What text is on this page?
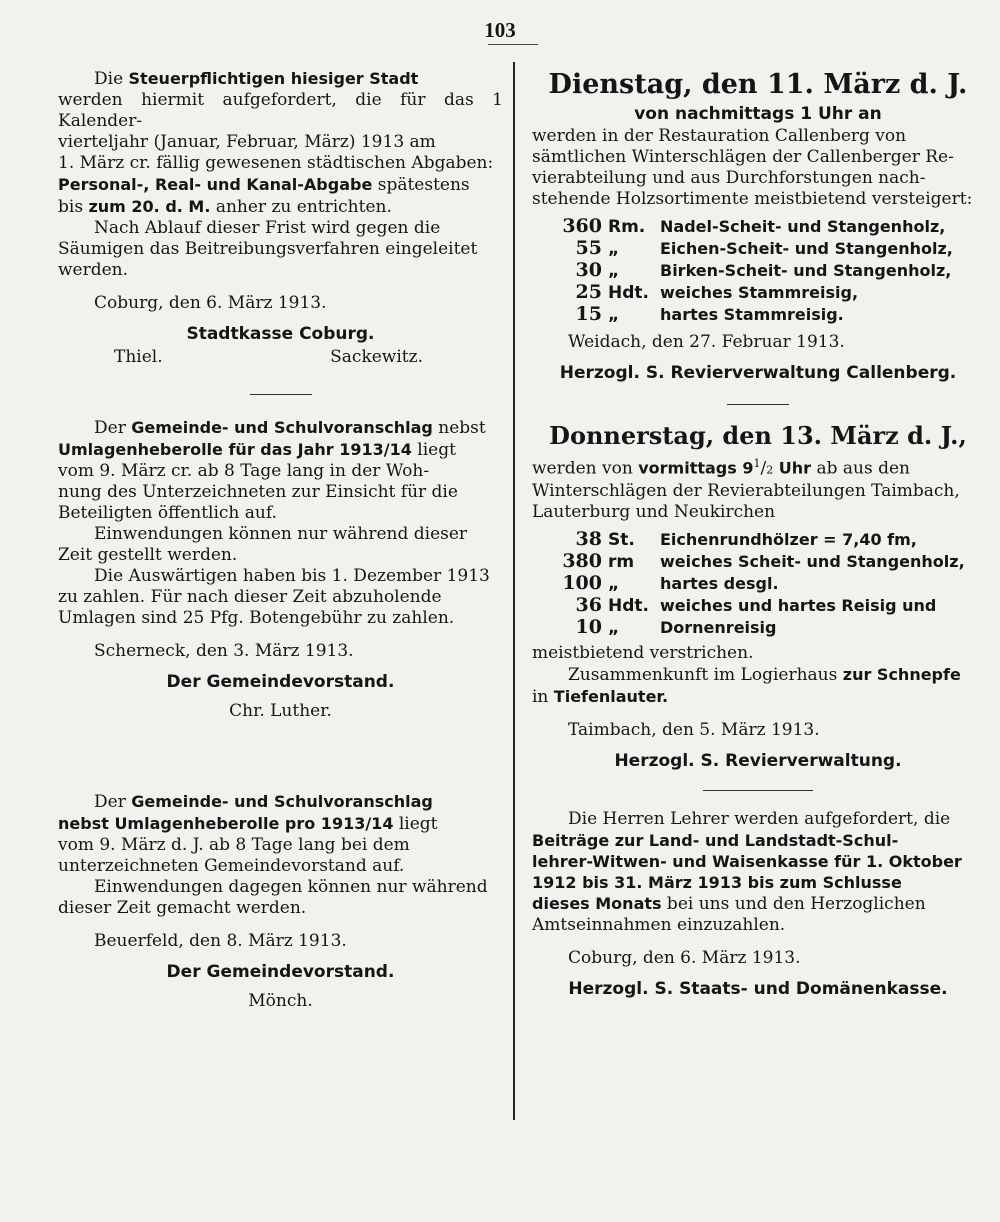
103

Die Steuerpflichtigen hiesiger Stadt

werden hiermit aufgefordert, die für das 1 Kalender-

vierteljahr (Januar, Februar, März) 1913 am

1. März cr. fällig gewesenen städtischen Abgaben:

Personal-, Real- und Kanal-Abgabe spätestens

bis zum 20. d. M. anher zu entrichten.

Nach Ablauf dieser Frist wird gegen die

Säumigen das Beitreibungsverfahren eingeleitet

werden.

Coburg, den 6. März 1913.

Stadtkasse Coburg.

Thiel.	Sackewitz.

Der Gemeinde- und Schulvoranschlag nebst

Umlagenheberolle für das Jahr 1913/14 liegt

vom 9. März cr. ab 8 Tage lang in der Woh-

nung des Unterzeichneten zur Einsicht für die

Beteiligten öffentlich auf.

Einwendungen können nur während dieser

Zeit gestellt werden.

Die Auswärtigen haben bis 1. Dezember 1913

zu zahlen. Für nach dieser Zeit abzuholende

Umlagen sind 25 Pfg. Botengebühr zu zahlen.

Scherneck, den 3. März 1913.

Der Gemeindevorstand.

Chr. Luther.

Der Gemeinde- und Schulvoranschlag

nebst Umlagenheberolle pro 1913/14 liegt

vom 9. März d. J. ab 8 Tage lang bei dem

unterzeichneten Gemeindevorstand auf.

Einwendungen dagegen können nur während

dieser Zeit gemacht werden.

Beuerfeld, den 8. März 1913.

Der Gemeindevorstand.

Mönch.

Dienstag, den 11. März d. J.

von nachmittags 1 Uhr an

werden in der Restauration Callenberg von

sämtlichen Winterschlägen der Callenberger Re-

vierabteilung und aus Durchforstungen nach-

stehende Holzsortimente meistbietend versteigert:

360	Rm.	Nadel-Scheit- und Stangenholz,
55	„	Eichen-Scheit- und Stangenholz,
30	„	Birken-Scheit- und Stangenholz,
25	Hdt.	weiches Stammreisig,
15	„	hartes Stammreisig.

Weidach, den 27. Februar 1913.

Herzogl. S. Revierverwaltung Callenberg.

Donnerstag, den 13. März d. J.,

werden von vormittags $9^1/2$ Uhr ab aus den

Winterschlägen der Revierabteilungen Taimbach,

Lauterburg und Neukirchen

38	St.	Eichenrundhölzer = 7,40 fm,
380	rm	weiches Scheit- und Stangenholz,
100	„	hartes desgl.
36	Hdt.	weiches und hartes Reisig und
10	„	Dornenreisig

meistbietend verstrichen.

Zusammenkunft im Logierhaus zur Schnepfe

in Tiefenlauter.

Taimbach, den 5. März 1913.

Herzogl. S. Revierverwaltung.

Die Herren Lehrer werden aufgefordert, die

Beiträge zur Land- und Landstadt-Schul-

lehrer-Witwen- und Waisenkasse für 1. Oktober

1912 bis 31. März 1913 bis zum Schlusse

dieses Monats bei uns und den Herzoglichen

Amtseinnahmen einzuzahlen.

Coburg, den 6. März 1913.

Herzogl. S. Staats- und Domänenkasse.
